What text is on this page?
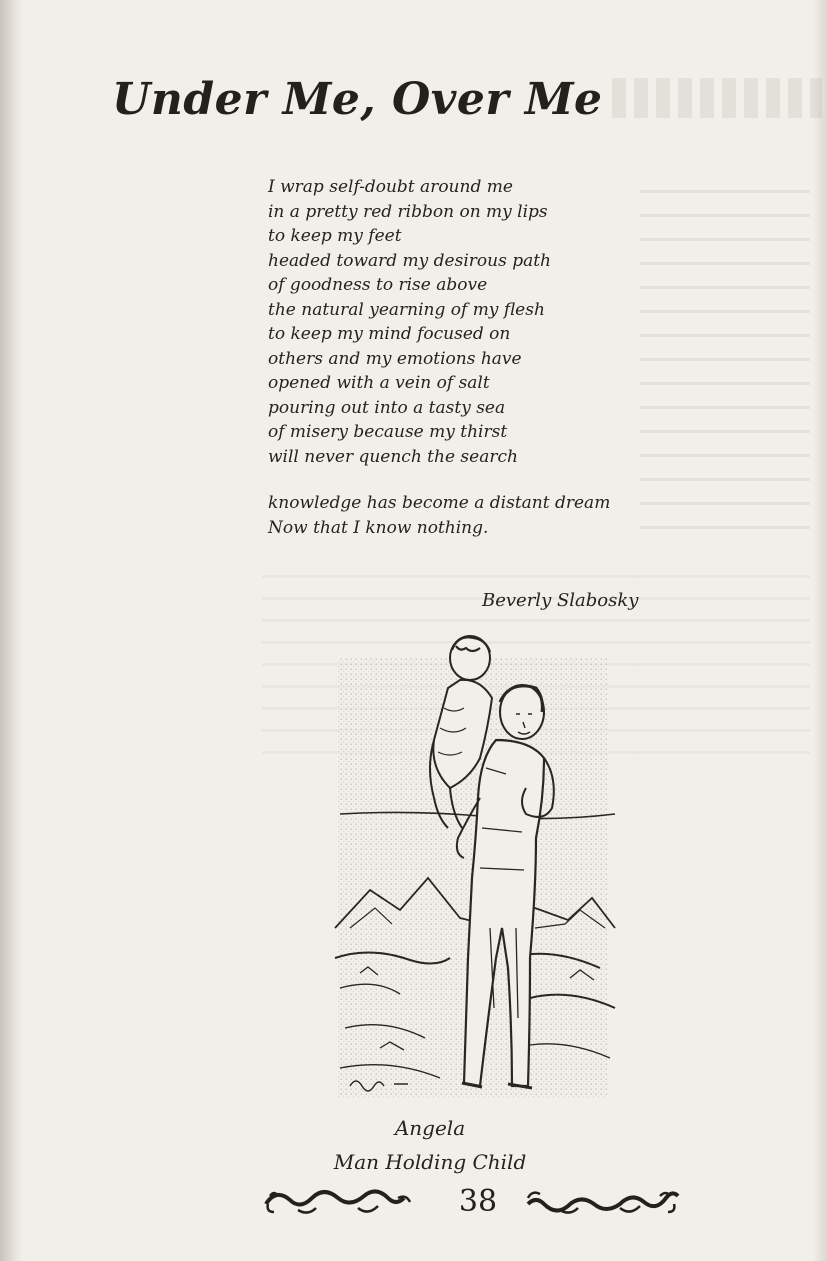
Under Me, Over Me
I wrap self-doubt around me
in a pretty red ribbon on my lips
to keep my feet
headed toward my desirous path
of goodness to rise above
the natural yearning of my flesh
to keep my mind focused on
others and my emotions have
opened with a vein of salt
pouring out into a tasty sea
of misery because my thirst
will never quench the search
knowledge has become a distant dream
Now that I know nothing.
Beverly Slabosky
Angela
Man Holding Child
38
